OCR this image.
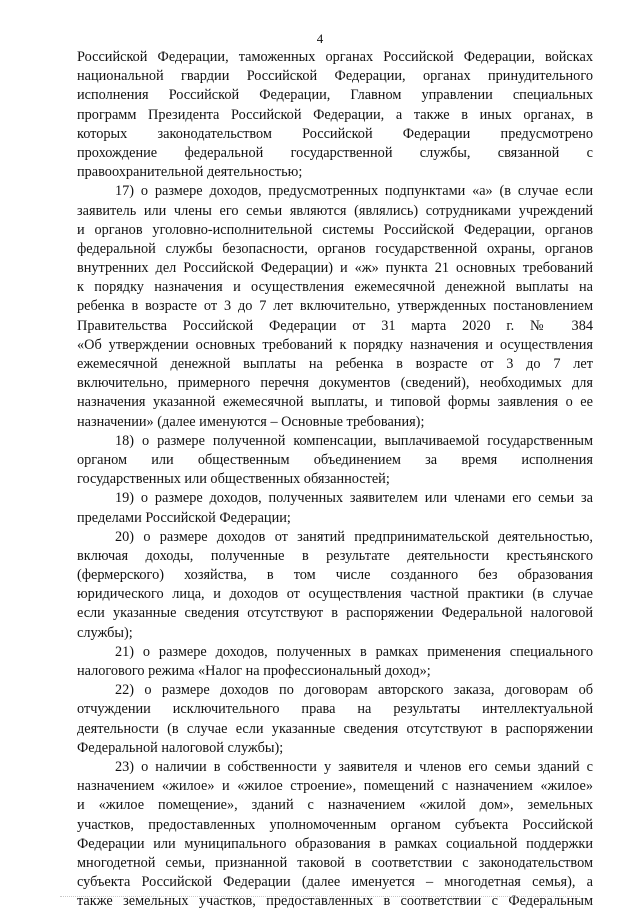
4
Российской Федерации, таможенных органах Российской Федерации, войсках
национальной гвардии Российской Федерации, органах принудительного
исполнения Российской Федерации, Главном управлении специальных
программ Президента Российской Федерации, а также в иных органах, в
которых законодательством Российской Федерации предусмотрено
прохождение федеральной государственной службы, связанной с
правоохранительной деятельностью;
17) о размере доходов, предусмотренных подпунктами «а» (в случае если
заявитель или члены его семьи являются (являлись) сотрудниками учреждений
и органов уголовно-исполнительной системы Российской Федерации, органов
федеральной службы безопасности, органов государственной охраны, органов
внутренних дел Российской Федерации) и «ж» пункта 21 основных требований
к порядку назначения и осуществления ежемесячной денежной выплаты на
ребенка в возрасте от 3 до 7 лет включительно, утвержденных постановлением
Правительства Российской Федерации от 31 марта 2020 г. № 384
«Об утверждении основных требований к порядку назначения и осуществления
ежемесячной денежной выплаты на ребенка в возрасте от 3 до 7 лет
включительно, примерного перечня документов (сведений), необходимых для
назначения указанной ежемесячной выплаты, и типовой формы заявления о ее
назначении» (далее именуются – Основные требования);
18) о размере полученной компенсации, выплачиваемой государственным
органом или общественным объединением за время исполнения
государственных или общественных обязанностей;
19) о размере доходов, полученных заявителем или членами его семьи за
пределами Российской Федерации;
20) о размере доходов от занятий предпринимательской деятельностью,
включая доходы, полученные в результате деятельности крестьянского
(фермерского) хозяйства, в том числе созданного без образования
юридического лица, и доходов от осуществления частной практики (в случае
если указанные сведения отсутствуют в распоряжении Федеральной налоговой
службы);
21) о размере доходов, полученных в рамках применения специального
налогового режима «Налог на профессиональный доход»;
22) о размере доходов по договорам авторского заказа, договорам об
отчуждении исключительного права на результаты интеллектуальной
деятельности (в случае если указанные сведения отсутствуют в распоряжении
Федеральной налоговой службы);
23) о наличии в собственности у заявителя и членов его семьи зданий с
назначением «жилое» и «жилое строение», помещений с назначением «жилое»
и «жилое помещение», зданий с назначением «жилой дом», земельных
участков, предоставленных уполномоченным органом субъекта Российской
Федерации или муниципального образования в рамках социальной поддержки
многодетной семьи, признанной таковой в соответствии с законодательством
субъекта Российской Федерации (далее именуется – многодетная семья), а
также земельных участков, предоставленных в соответствии с Федеральным
